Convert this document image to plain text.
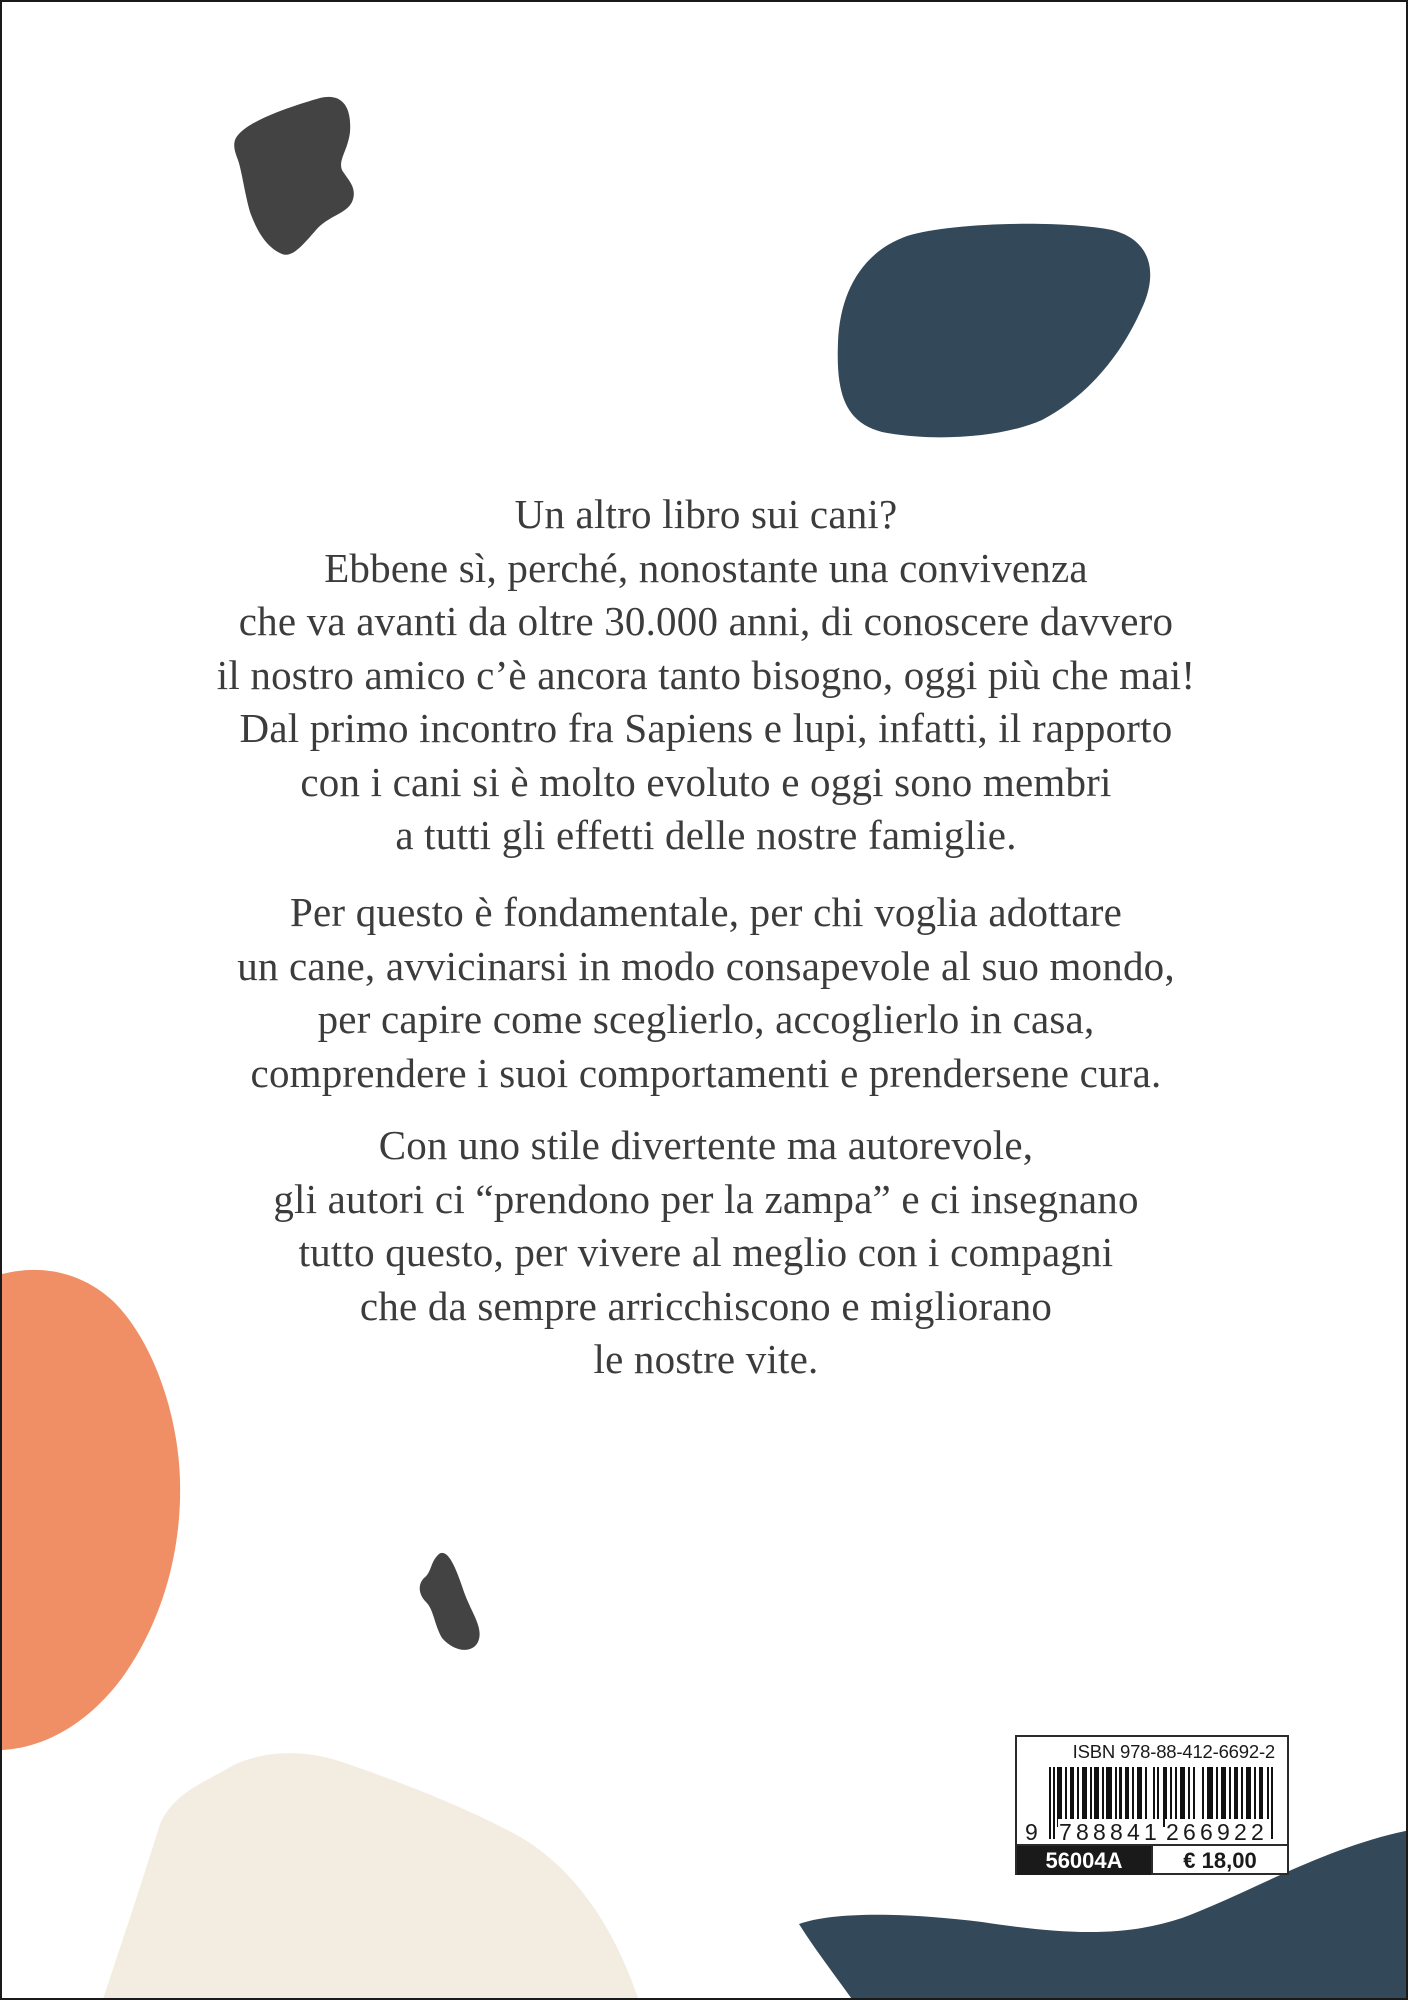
Un altro libro sui cani?
Ebbene sì, perché, nonostante una convivenza
che va avanti da oltre 30.000 anni, di conoscere davvero
il nostro amico c’è ancora tanto bisogno, oggi più che mai!
Dal primo incontro fra Sapiens e lupi, infatti, il rapporto
con i cani si è molto evoluto e oggi sono membri
a tutti gli effetti delle nostre famiglie.
Per questo è fondamentale, per chi voglia adottare
un cane, avvicinarsi in modo consapevole al suo mondo,
per capire come sceglierlo, accoglierlo in casa,
comprendere i suoi comportamenti e prendersene cura.
Con uno stile divertente ma autorevole,
gli autori ci “prendono per la zampa” e ci insegnano
tutto questo, per vivere al meglio con i compagni
che da sempre arricchiscono e migliorano
le nostre vite.
ISBN 978-88-412-6692-2
9 788841 266922
56004A	€ 18,00
